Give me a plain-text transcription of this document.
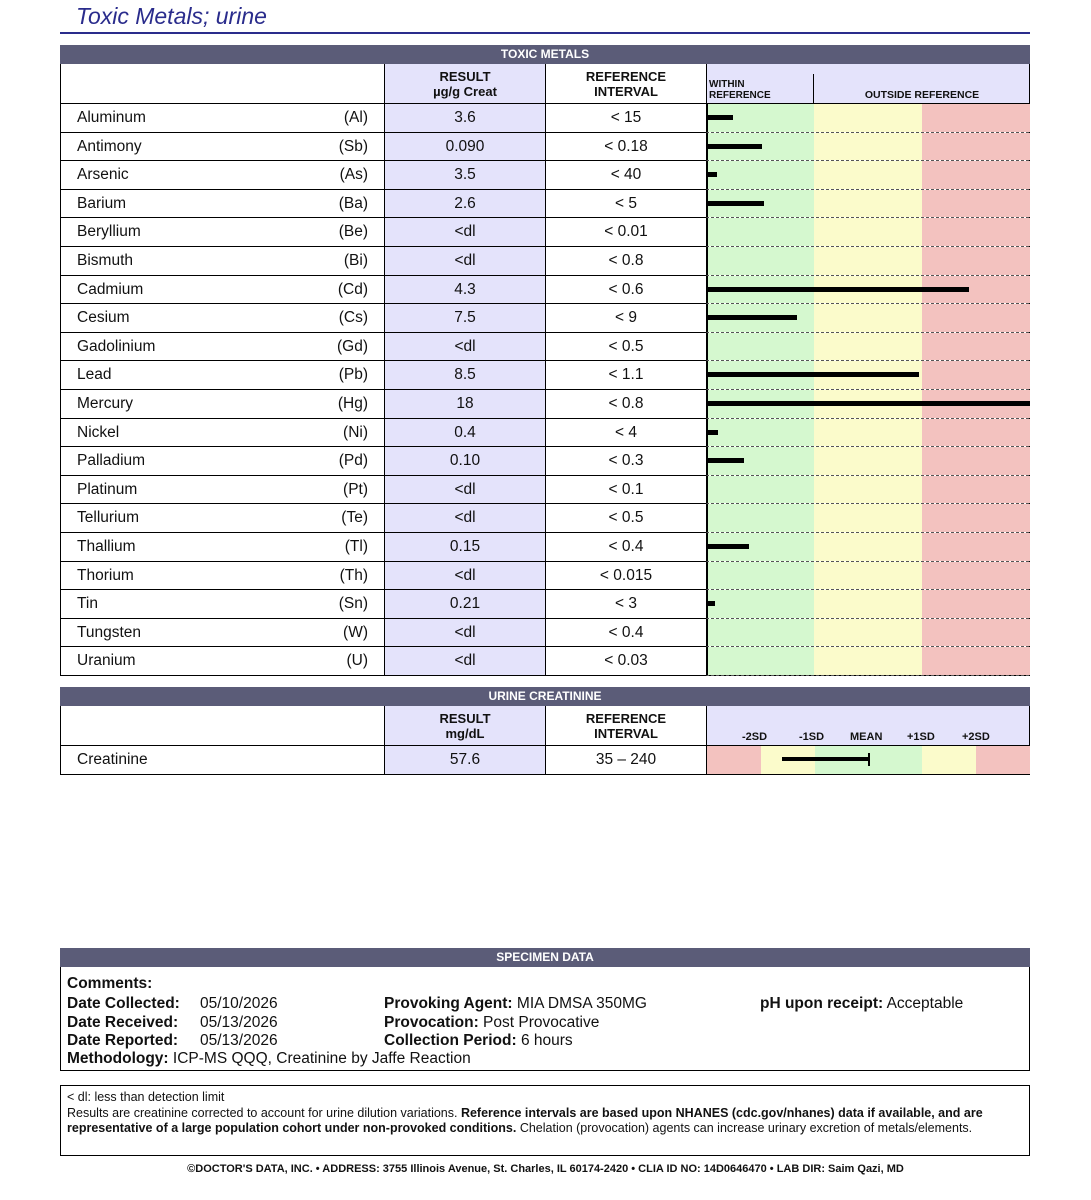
Toxic Metals; urine
TOXIC METALS
RESULT
µg/g Creat
REFERENCE
INTERVAL	WITHIN
REFERENCE	OUTSIDE REFERENCE
Aluminum	(Al)	3.6	< 15
Antimony	(Sb)	0.090	< 0.18
Arsenic	(As)	3.5	< 40
Barium	(Ba)	2.6	< 5
Beryllium	(Be)	<dl	< 0.01
Bismuth	(Bi)	<dl	< 0.8
Cadmium	(Cd)	4.3	< 0.6
Cesium	(Cs)	7.5	< 9
Gadolinium	(Gd)	<dl	< 0.5
Lead	(Pb)	8.5	< 1.1
Mercury	(Hg)	18	< 0.8
Nickel	(Ni)	0.4	< 4
Palladium	(Pd)	0.10	< 0.3
Platinum	(Pt)	<dl	< 0.1
Tellurium	(Te)	<dl	< 0.5
Thallium	(Tl)	0.15	< 0.4
Thorium	(Th)	<dl	< 0.015
Tin	(Sn)	0.21	< 3
Tungsten	(W)	<dl	< 0.4
Uranium	(U)	<dl	< 0.03
URINE CREATININE
RESULT
mg/dL
REFERENCE
INTERVAL	-2SD	-1SD MEAN +1SD +2SD
Creatinine	57.6	35 – 240
SPECIMEN DATA
Comments:
Date Collected: 05/10/2026
Date Received: 05/13/2026
Date Reported: 05/13/2026
Methodology: ICP-MS QQQ, Creatinine by Jaffe Reaction
Provoking Agent: MIA DMSA 350MG
Provocation: Post Provocative
Collection Period: 6 hours
pH upon receipt: Acceptable
< dl: less than detection limit
Results are creatinine corrected to account for urine dilution variations. Reference intervals are based upon NHANES (cdc.gov/nhanes) data if available, and are representative of a large population cohort under non-provoked conditions. Chelation (provocation) agents can increase urinary excretion of metals/elements.
©DOCTOR'S DATA, INC. • ADDRESS: 3755 Illinois Avenue, St. Charles, IL 60174-2420 • CLIA ID NO: 14D0646470 • LAB DIR: Saim Qazi, MD
